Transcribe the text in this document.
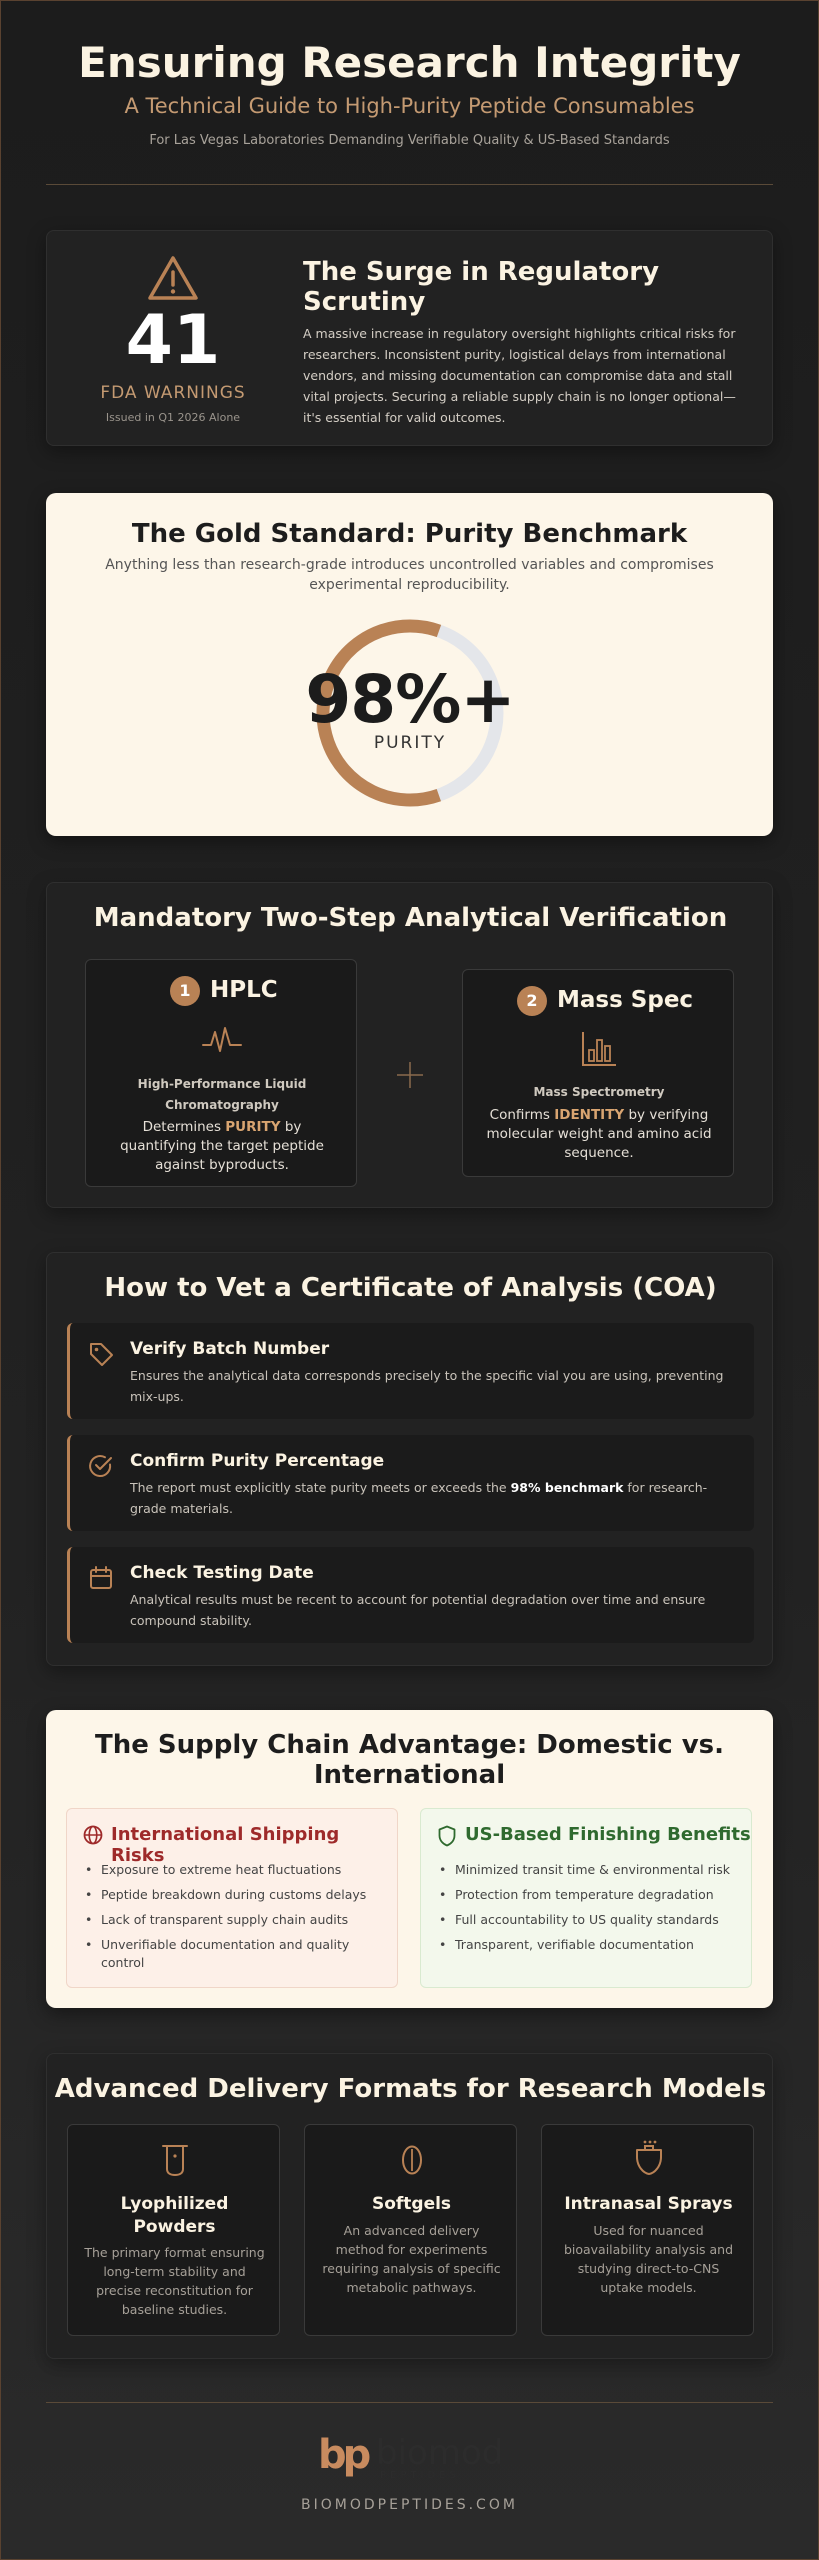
Ensuring Research Integrity
A Technical Guide to High-Purity Peptide Consumables
For Las Vegas Laboratories Demanding Verifiable Quality & US-Based Standards
41
FDA WARNINGS
Issued in Q1 2026 Alone
The Surge in Regulatory Scrutiny
A massive increase in regulatory oversight highlights critical risks for researchers. Inconsistent purity, logistical delays from international vendors, and missing documentation can compromise data and stall vital projects. Securing a reliable supply chain is no longer optional—it's essential for valid outcomes.
The Gold Standard: Purity Benchmark
Anything less than research-grade introduces uncontrolled variables and compromises experimental reproducibility.
98%+
PURITY
Mandatory Two-Step Analytical Verification
1 HPLC
High-Performance Liquid Chromatography
Determines PURITY by quantifying the target peptide against byproducts.
2 Mass Spec
Mass Spectrometry
Confirms IDENTITY by verifying molecular weight and amino acid sequence.
How to Vet a Certificate of Analysis (COA)
Verify Batch Number
Ensures the analytical data corresponds precisely to the specific vial you are using, preventing mix-ups.
Confirm Purity Percentage
The report must explicitly state purity meets or exceeds the 98% benchmark for research-grade materials.
Check Testing Date
Analytical results must be recent to account for potential degradation over time and ensure compound stability.
The Supply Chain Advantage: Domestic vs. International
International Shipping Risks
• Exposure to extreme heat fluctuations
• Peptide breakdown during customs delays
• Lack of transparent supply chain audits
• Unverifiable documentation and quality control
US-Based Finishing Benefits
• Minimized transit time & environmental risk
• Protection from temperature degradation
• Full accountability to US quality standards
• Transparent, verifiable documentation
Advanced Delivery Formats for Research Models
Lyophilized Powders
The primary format ensuring long-term stability and precise reconstitution for baseline studies.
Softgels
An advanced delivery method for experiments requiring analysis of specific metabolic pathways.
Intranasal Sprays
Used for nuanced bioavailability analysis and studying direct-to-CNS uptake models.
bp biomod
PEPTIDES
BIOMODPEPTIDES.COM
